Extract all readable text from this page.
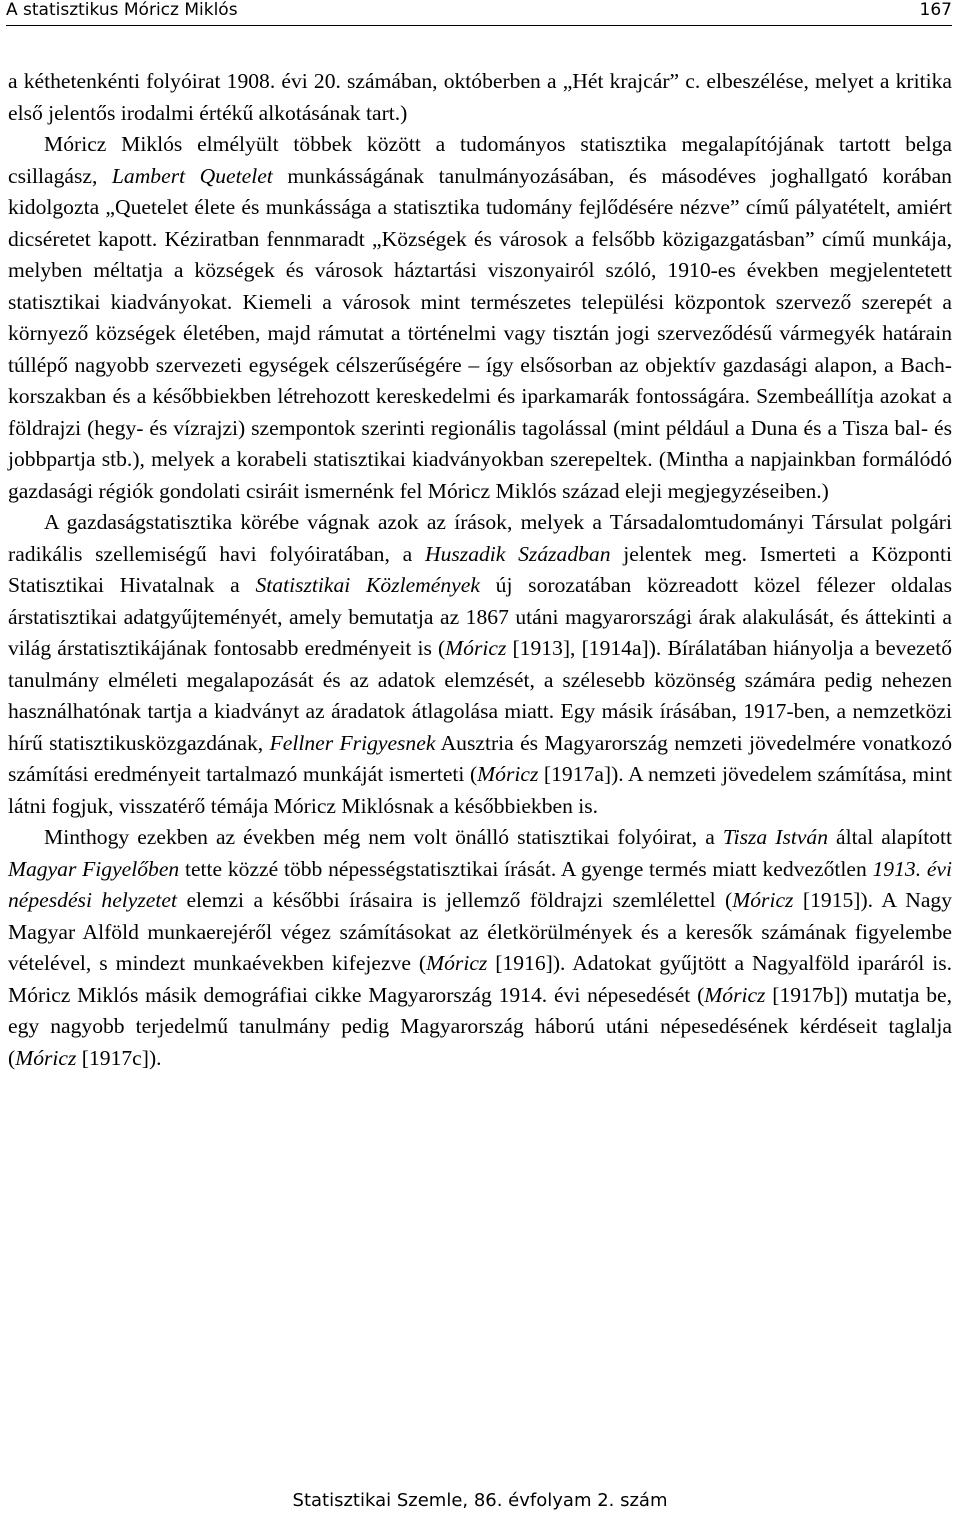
A statisztikus Móricz Miklós	167

a kéthetenkénti folyóirat 1908. évi 20. számában, októberben a „Hét krajcár” c. elbeszélése, melyet a kritika első jelentős irodalmi értékű alkotásának tart.)

Móricz Miklós elmélyült többek között a tudományos statisztika megalapítójának tartott belga csillagász, Lambert Quetelet munkásságának tanulmányozásában, és másodéves joghallgató korában kidolgozta „Quetelet élete és munkássága a statisztika tudomány fejlődésére nézve” című pályatételt, amiért dicséretet kapott. Kéziratban fennmaradt „Községek és városok a felsőbb közigazgatásban” című munkája, melyben méltatja a községek és városok háztartási viszonyairól szóló, 1910-es években megjelentetett statisztikai kiadványokat. Kiemeli a városok mint természetes települési központok szervező szerepét a környező községek életében, majd rámutat a történelmi vagy tisztán jogi szerveződésű vármegyék határain túllépő nagyobb szervezeti egységek célszerűségére – így elsősorban az objektív gazdasági alapon, a Bach-korszakban és a későbbiekben létrehozott kereskedelmi és iparkamarák fontosságára. Szembeállítja azokat a földrajzi (hegy- és vízrajzi) szempontok szerinti regionális tagolással (mint például a Duna és a Tisza bal- és jobbpartja stb.), melyek a korabeli statisztikai kiadványokban szerepeltek. (Mintha a napjainkban formálódó gazdasági régiók gondolati csiráit ismernénk fel Móricz Miklós század eleji megjegyzéseiben.)

A gazdaságstatisztika körébe vágnak azok az írások, melyek a Társadalomtudományi Társulat polgári radikális szellemiségű havi folyóiratában, a Huszadik Században jelentek meg. Ismerteti a Központi Statisztikai Hivatalnak a Statisztikai Közlemények új sorozatában közreadott közel félezer oldalas árstatisztikai adatgyűjteményét, amely bemutatja az 1867 utáni magyarországi árak alakulását, és áttekinti a világ árstatisztikájának fontosabb eredményeit is (Móricz [1913], [1914a]). Bírálatában hiányolja a bevezető tanulmány elméleti megalapozását és az adatok elemzését, a szélesebb közönség számára pedig nehezen használhatónak tartja a kiadványt az áradatok átlagolása miatt. Egy másik írásában, 1917-ben, a nemzetközi hírű statisztikusközgazdának, Fellner Frigyesnek Ausztria és Magyarország nemzeti jövedelmére vonatkozó számítási eredményeit tartalmazó munkáját ismerteti (Móricz [1917a]). A nemzeti jövedelem számítása, mint látni fogjuk, visszatérő témája Móricz Miklósnak a későbbiekben is.

Minthogy ezekben az években még nem volt önálló statisztikai folyóirat, a Tisza István által alapított Magyar Figyelőben tette közzé több népességstatisztikai írását. A gyenge termés miatt kedvezőtlen 1913. évi népesdési helyzetet elemzi a későbbi írásaira is jellemző földrajzi szemlélettel (Móricz [1915]). A Nagy Magyar Alföld munkaerejéről végez számításokat az életkörülmények és a keresők számának figyelembe vételével, s mindezt munkaévekben kifejezve (Móricz [1916]). Adatokat gyűjtött a Nagyalföld iparáról is. Móricz Miklós másik demográfiai cikke Magyarország 1914. évi népesedését (Móricz [1917b]) mutatja be, egy nagyobb terjedelmű tanulmány pedig Magyarország háború utáni népesedésének kérdéseit taglalja (Móricz [1917c]).

Statisztikai Szemle, 86. évfolyam 2. szám
